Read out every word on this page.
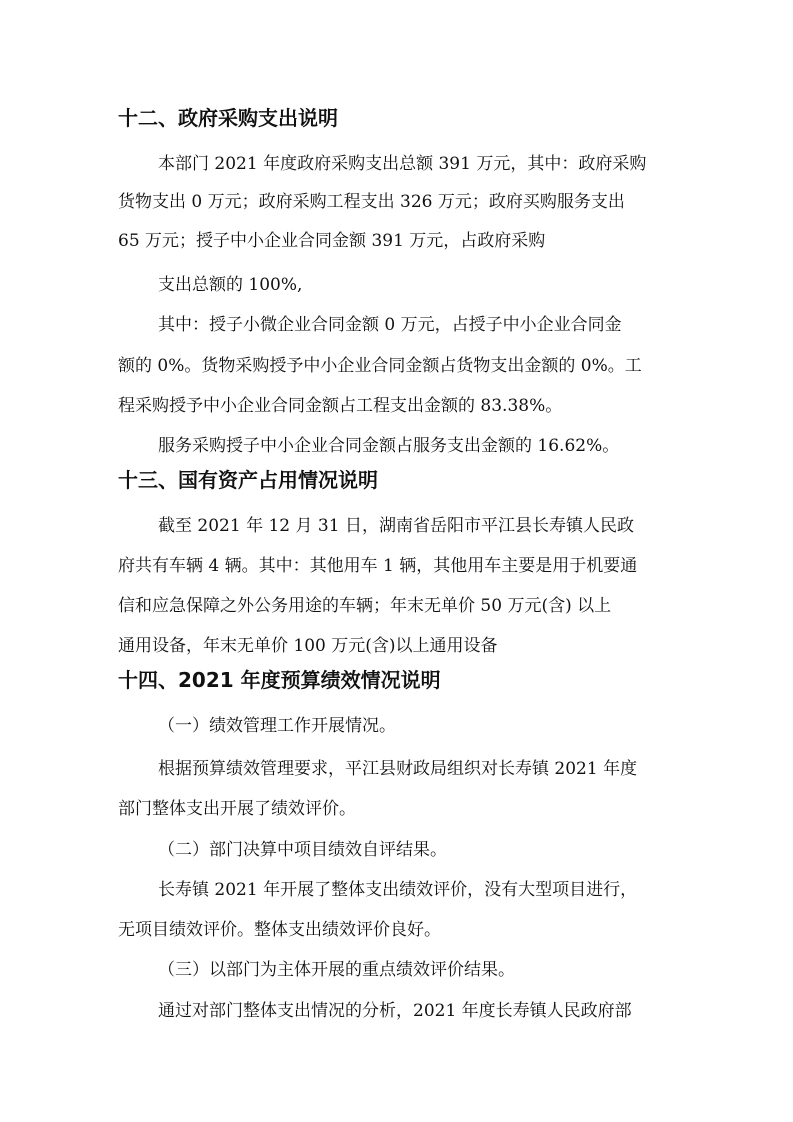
十二、政府采购支出说明
本部门 2021 年度政府采购支出总额 391 万元，其中：政府采购
货物支出 0 万元；政府采购工程支出 326 万元；政府买购服务支出
65 万元；授子中小企业合同金额 391 万元，占政府采购
支出总额的 100%,
其中：授子小微企业合同金额 0 万元，占授子中小企业合同金
额的 0%。货物采购授予中小企业合同金额占货物支出金额的 0%。工
程采购授予中小企业合同金额占工程支出金额的 83.38%。
服务采购授子中小企业合同金额占服务支出金额的 16.62%。
十三、国有资产占用情况说明
截至 2021 年 12 月 31 日，湖南省岳阳市平江县长寿镇人民政
府共有车辆 4 辆。其中：其他用车 1 辆，其他用车主要是用于机要通
信和应急保障之外公务用途的车辆；年末无单价 50 万元(含) 以上
通用设备，年末无单价 100 万元(含)以上通用设备
十四、2021 年度预算绩效情况说明
（一）绩效管理工作开展情况。
根据预算绩效管理要求，平江县财政局组织对长寿镇 2021 年度
部门整体支出开展了绩效评价。
（二）部门决算中项目绩效自评结果。
长寿镇 2021 年开展了整体支出绩效评价，没有大型项目进行，
无项目绩效评价。整体支出绩效评价良好。
（三）以部门为主体开展的重点绩效评价结果。
通过对部门整体支出情况的分析，2021 年度长寿镇人民政府部
